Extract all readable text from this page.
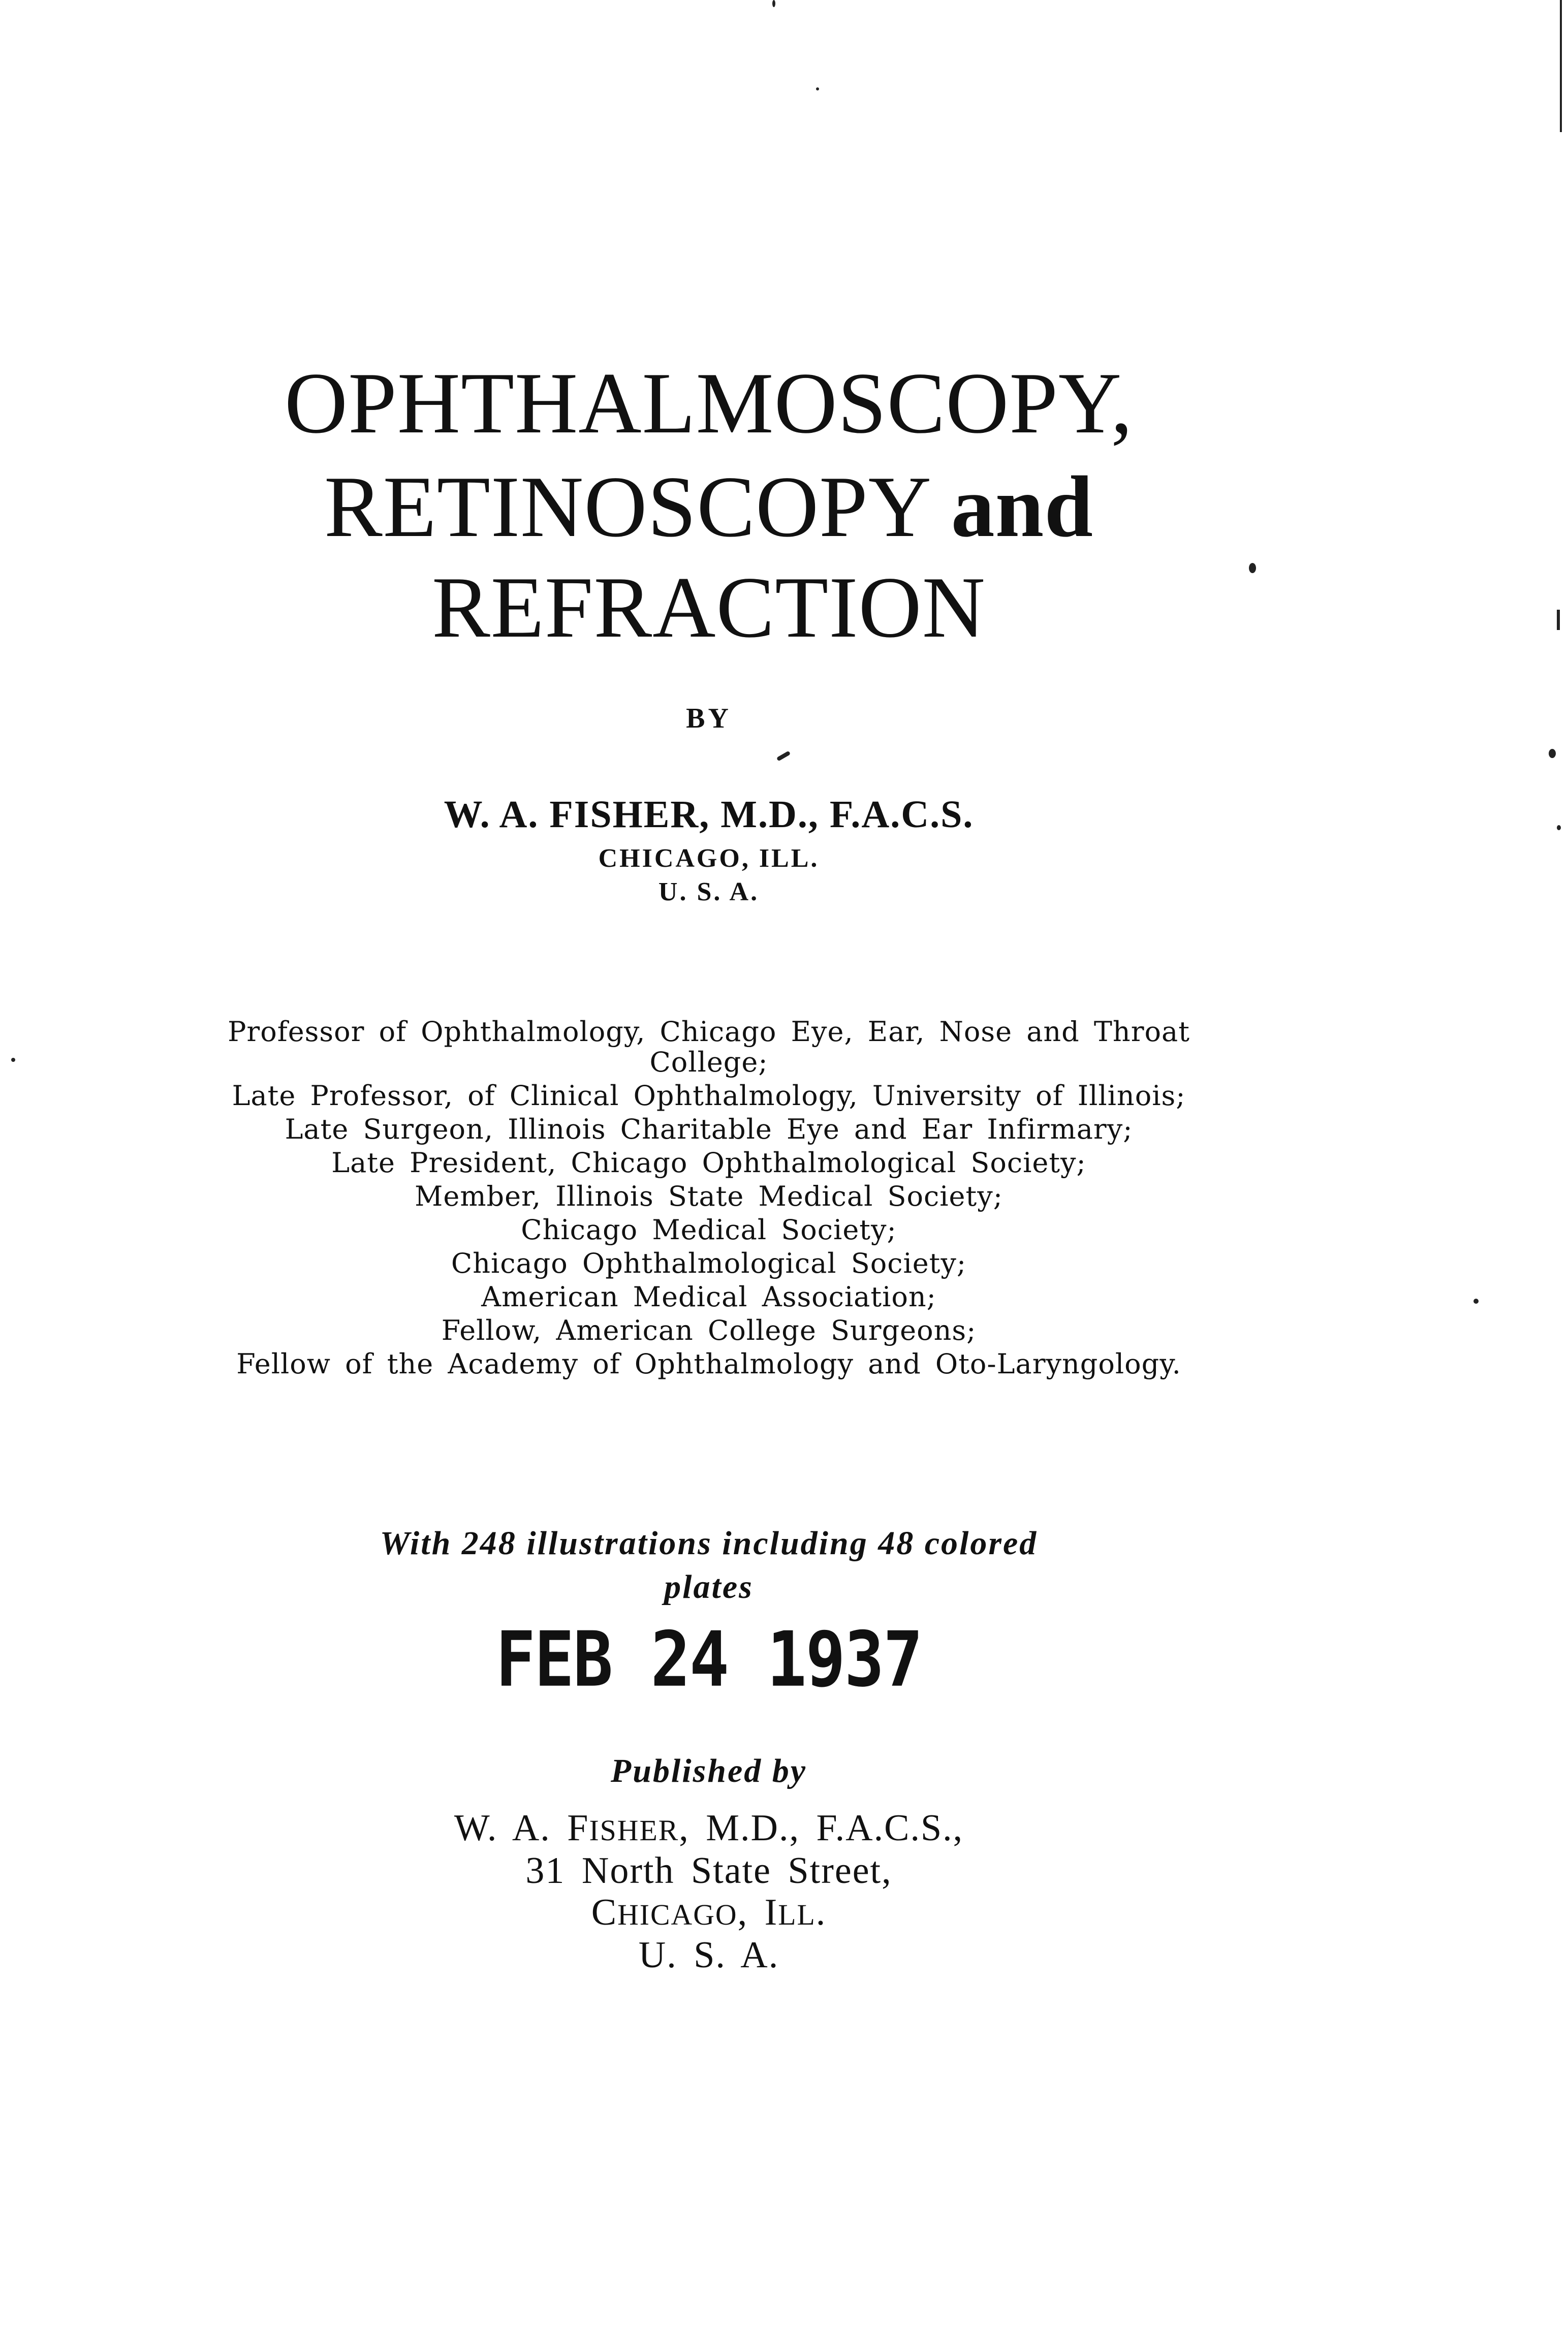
OPHTHALMOSCOPY,
RETINOSCOPY and
REFRACTION
BY
W. A. FISHER, M.D., F.A.C.S.
CHICAGO, ILL.
U. S. A.
Professor of Ophthalmology, Chicago Eye, Ear, Nose and Throat
College;
Late Professor, of Clinical Ophthalmology, University of Illinois;
Late Surgeon, Illinois Charitable Eye and Ear Infirmary;
Late President, Chicago Ophthalmological Society;
Member, Illinois State Medical Society;
Chicago Medical Society;
Chicago Ophthalmological Society;
American Medical Association;
Fellow, American College Surgeons;
Fellow of the Academy of Ophthalmology and Oto-Laryngology.
With 248 illustrations including 48 colored
plates
FEB 24 1937
Published by
W. A. FISHER, M.D., F.A.C.S.,
31 North State Street,
CHICAGO, ILL.
U. S. A.
